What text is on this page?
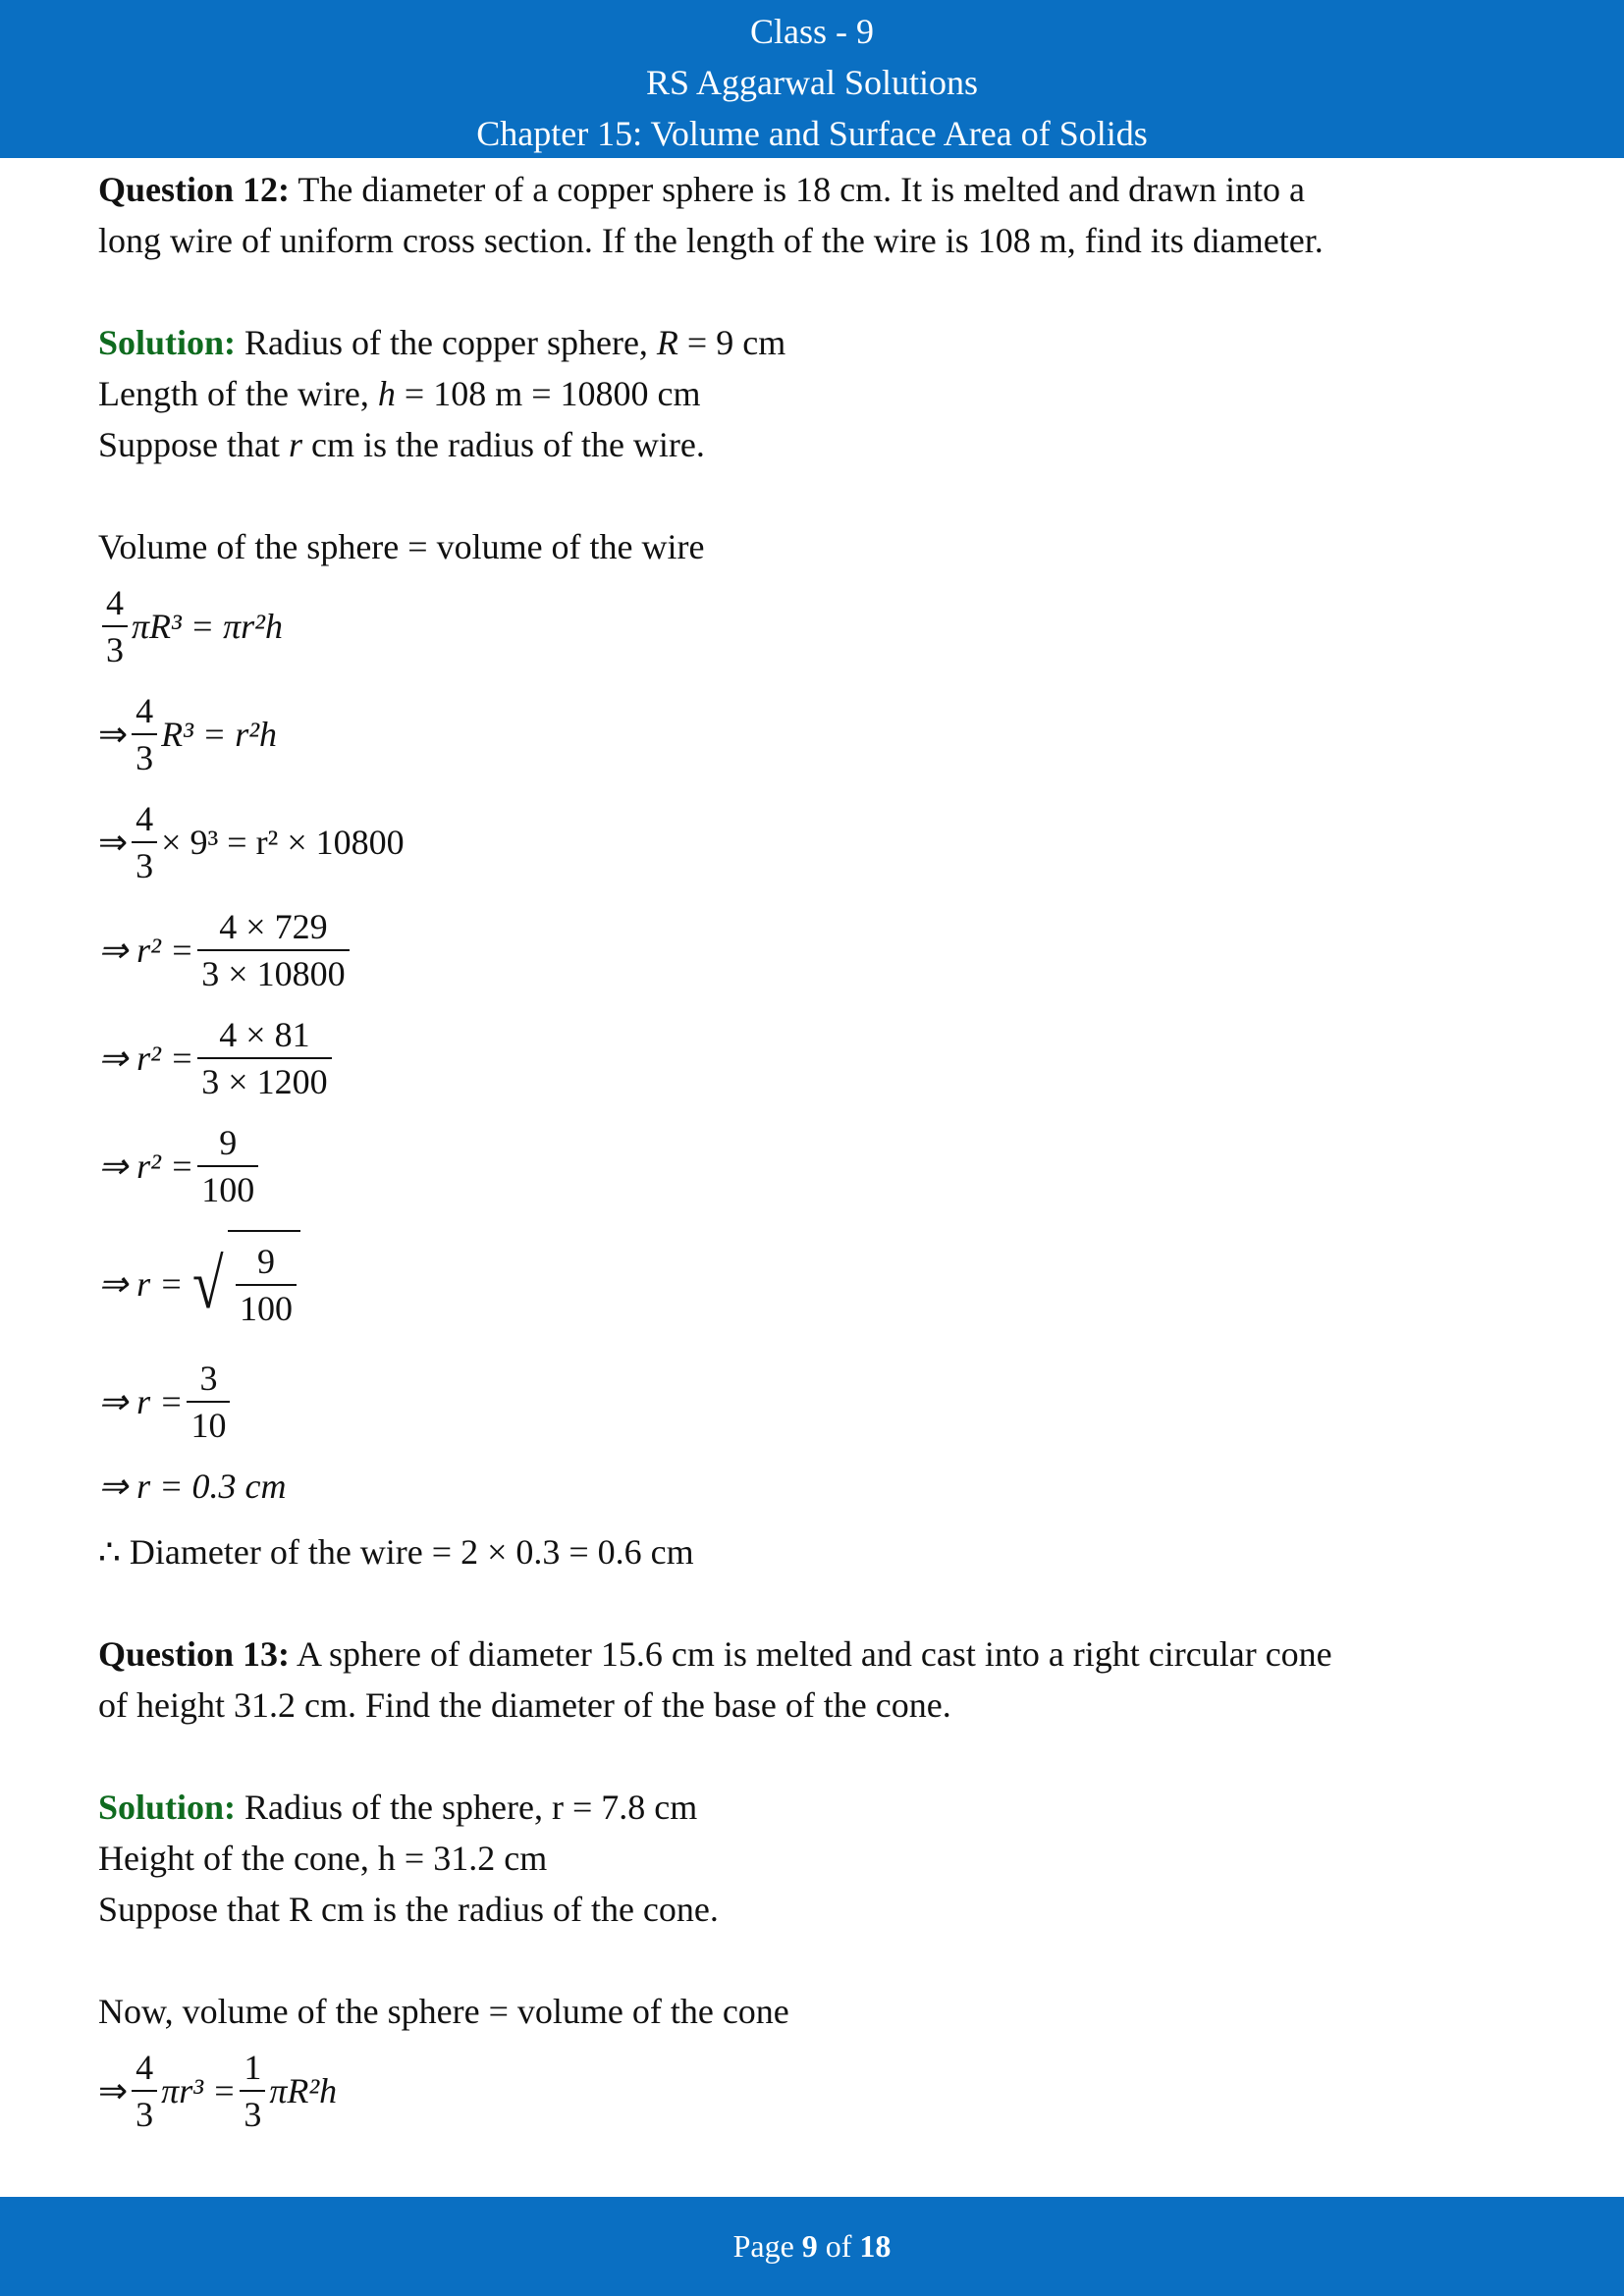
Class - 9
RS Aggarwal Solutions
Chapter 15: Volume and Surface Area of Solids

Question 12: The diameter of a copper sphere is 18 cm. It is melted and drawn into a
long wire of uniform cross section. If the length of the wire is 108 m, find its diameter.

Solution: Radius of the copper sphere, R = 9 cm
Length of the wire, h = 108 m = 10800 cm
Suppose that r cm is the radius of the wire.

Volume of the sphere = volume of the wire

$\frac{4}{3} \pi R^3 = \pi r^2h$
⇒ $\frac{4}{3} R^3 = r^2h$
⇒ $\frac{4}{3} \times 9^3 = r^2 \times 10800$
⇒ $r^2 = \frac{4 \times 729}{3 \times 10800}$
⇒ $r^2 = \frac{4 \times 81}{3 \times 1200}$
⇒ $r^2 = \frac{9}{100}$
⇒ r = √ $\frac{9}{100}$
⇒ $r = \frac{3}{10}$
⇒ r = 0.3 cm

∴ Diameter of the wire = 2 × 0.3 = 0.6 cm

Question 13: A sphere of diameter 15.6 cm is melted and cast into a right circular cone
of height 31.2 cm. Find the diameter of the base of the cone.

Solution: Radius of the sphere, r = 7.8 cm
Height of the cone, h = 31.2 cm
Suppose that R cm is the radius of the cone.

Now, volume of the sphere = volume of the cone

⇒ $\frac{4}{3} \pi r^3 = \frac{1}{3} \pi R^2h$
Page 9 of 18
